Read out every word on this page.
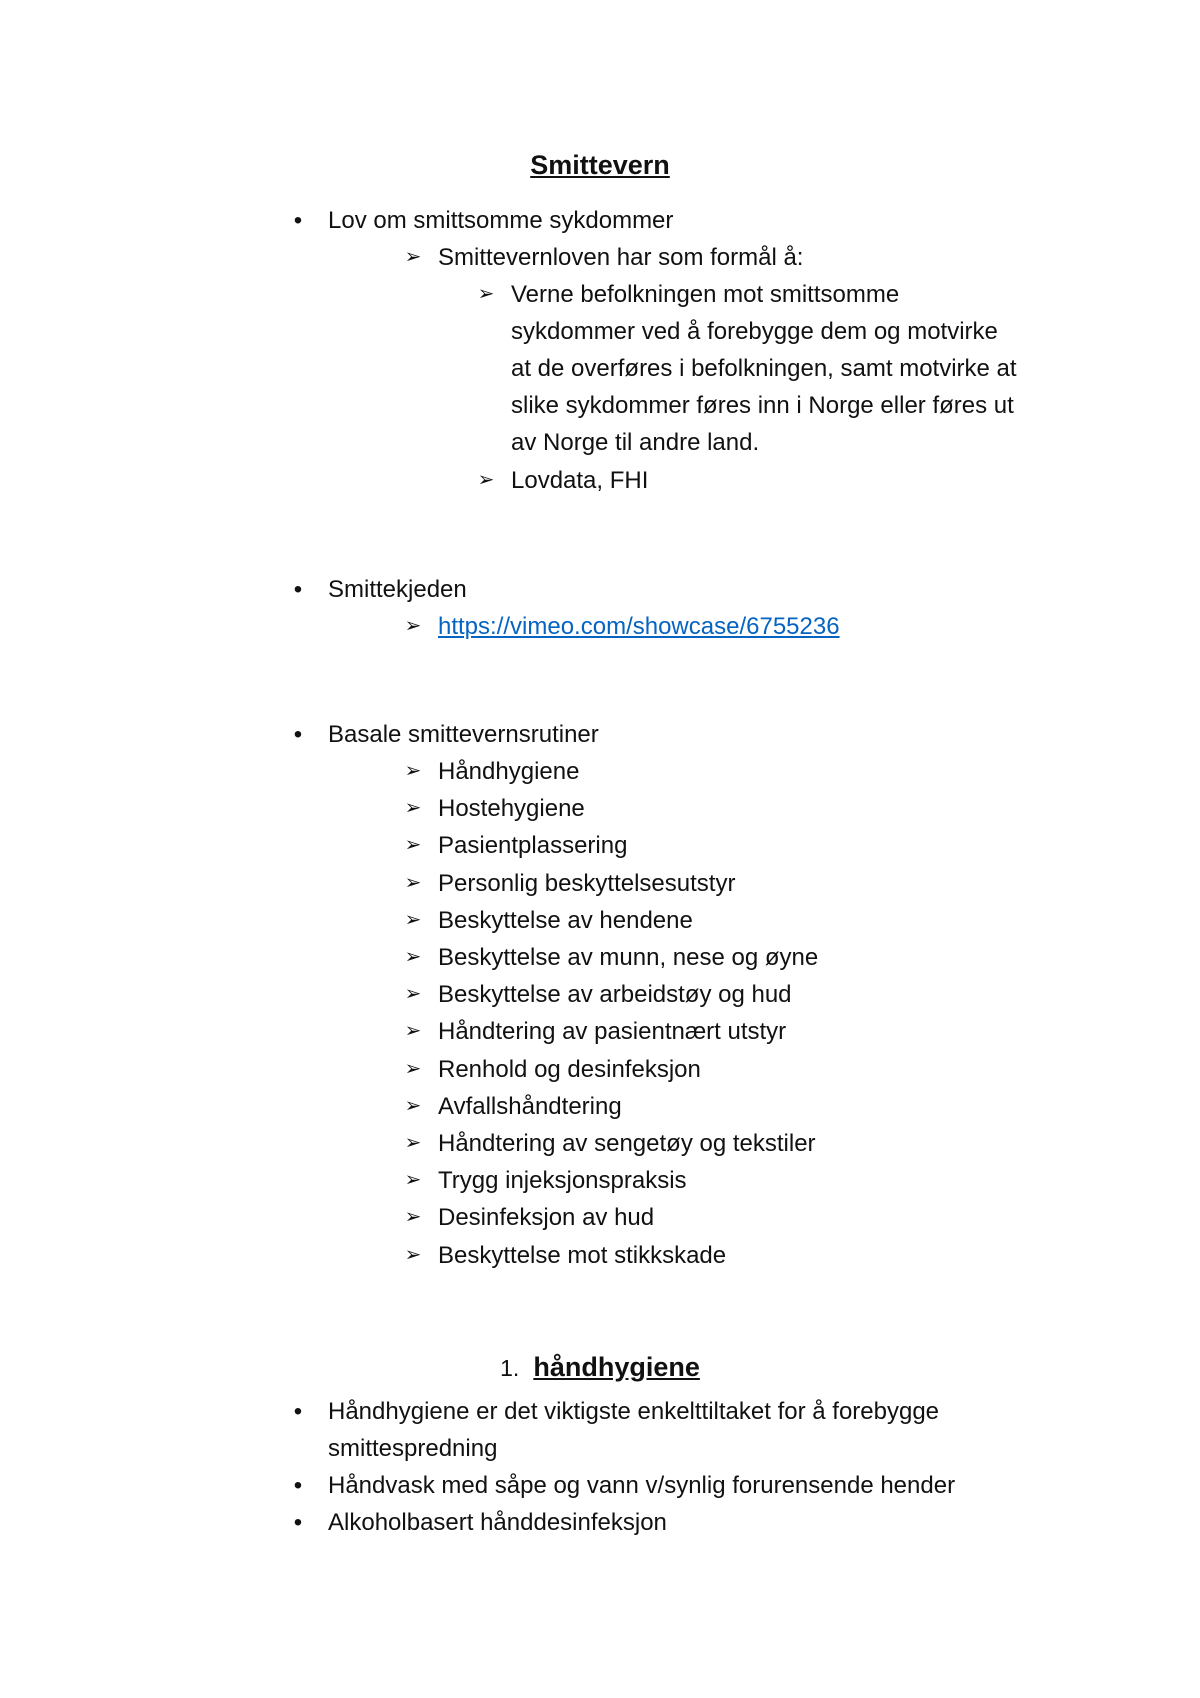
Smittevern
• Lov om smittsomme sykdommer
➢ Smittevernloven har som formål å:
➢ Verne befolkningen mot smittsomme
sykdommer ved å forebygge dem og motvirke
at de overføres i befolkningen, samt motvirke at
slike sykdommer føres inn i Norge eller føres ut
av Norge til andre land.
➢ Lovdata, FHI
• Smittekjeden
➢ https://vimeo.com/showcase/6755236
• Basale smittevernsrutiner
➢ Håndhygiene
➢ Hostehygiene
➢ Pasientplassering
➢ Personlig beskyttelsesutstyr
➢ Beskyttelse av hendene
➢ Beskyttelse av munn, nese og øyne
➢ Beskyttelse av arbeidstøy og hud
➢ Håndtering av pasientnært utstyr
➢ Renhold og desinfeksjon
➢ Avfallshåndtering
➢ Håndtering av sengetøy og tekstiler
➢ Trygg injeksjonspraksis
➢ Desinfeksjon av hud
➢ Beskyttelse mot stikkskade
1. håndhygiene
• Håndhygiene er det viktigste enkelttiltaket for å forebygge
smittespredning
• Håndvask med såpe og vann v/synlig forurensende hender
• Alkoholbasert hånddesinfeksjon
